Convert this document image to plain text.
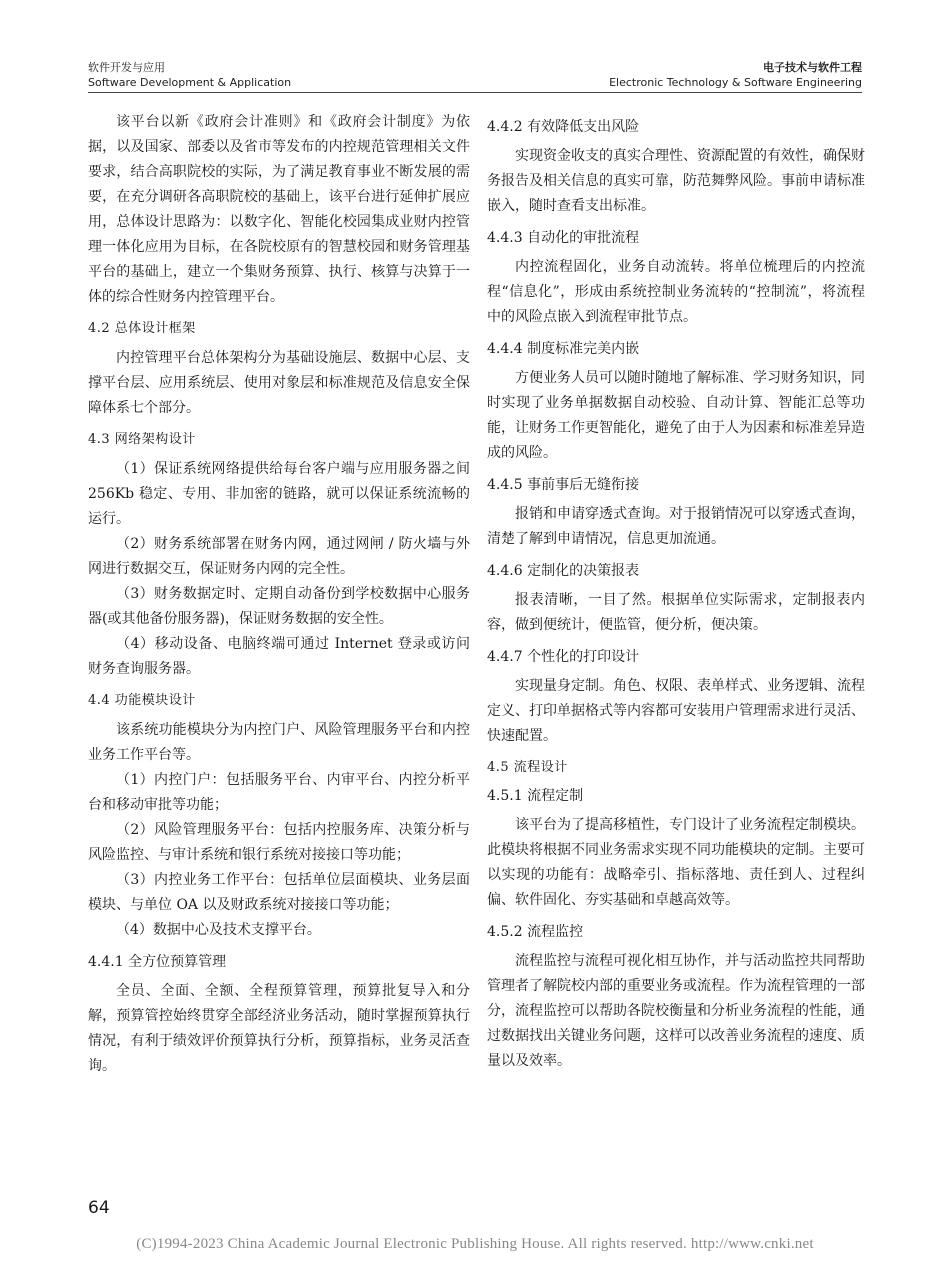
软件开发与应用
Software Development & Application
电子技术与软件工程
Electronic Technology & Software Engineering

该平台以新《政府会计准则》和《政府会计制度》为依据，以及国家、部委以及省市等发布的内控规范管理相关文件要求，结合高职院校的实际，为了满足教育事业不断发展的需要，在充分调研各高职院校的基础上，该平台进行延伸扩展应用，总体设计思路为：以数字化、智能化校园集成业财内控管理一体化应用为目标，在各院校原有的智慧校园和财务管理基平台的基础上，建立一个集财务预算、执行、核算与决算于一体的综合性财务内控管理平台。

4.2 总体设计框架

内控管理平台总体架构分为基础设施层、数据中心层、支撑平台层、应用系统层、使用对象层和标准规范及信息安全保障体系七个部分。

4.3 网络架构设计

（1）保证系统网络提供给每台客户端与应用服务器之间 256Kb 稳定、专用、非加密的链路，就可以保证系统流畅的运行。

（2）财务系统部署在财务内网，通过网闸 / 防火墙与外网进行数据交互，保证财务内网的完全性。

（3）财务数据定时、定期自动备份到学校数据中心服务器(或其他备份服务器)，保证财务数据的安全性。

（4）移动设备、电脑终端可通过 Internet 登录或访问财务查询服务器。

4.4 功能模块设计

该系统功能模块分为内控门户、风险管理服务平台和内控业务工作平台等。

（1）内控门户：包括服务平台、内审平台、内控分析平台和移动审批等功能；

（2）风险管理服务平台：包括内控服务库、决策分析与风险监控、与审计系统和银行系统对接接口等功能；

（3）内控业务工作平台：包括单位层面模块、业务层面模块、与单位 OA 以及财政系统对接接口等功能；

（4）数据中心及技术支撑平台。

4.4.1 全方位预算管理

全员、全面、全额、全程预算管理，预算批复导入和分解，预算管控始终贯穿全部经济业务活动，随时掌握预算执行情况，有利于绩效评价预算执行分析，预算指标，业务灵活查询。

4.4.2 有效降低支出风险

实现资金收支的真实合理性、资源配置的有效性，确保财务报告及相关信息的真实可靠，防范舞弊风险。事前申请标准嵌入，随时查看支出标准。

4.4.3 自动化的审批流程

内控流程固化，业务自动流转。将单位梳理后的内控流程“信息化”，形成由系统控制业务流转的“控制流”，将流程中的风险点嵌入到流程审批节点。

4.4.4 制度标准完美内嵌

方便业务人员可以随时随地了解标准、学习财务知识，同时实现了业务单据数据自动校验、自动计算、智能汇总等功能，让财务工作更智能化，避免了由于人为因素和标准差异造成的风险。

4.4.5 事前事后无缝衔接

报销和申请穿透式查询。对于报销情况可以穿透式查询，清楚了解到申请情况，信息更加流通。

4.4.6 定制化的决策报表

报表清晰，一目了然。根据单位实际需求，定制报表内容，做到便统计，便监管，便分析，便决策。

4.4.7 个性化的打印设计

实现量身定制。角色、权限、表单样式、业务逻辑、流程定义、打印单据格式等内容都可安装用户管理需求进行灵活、快速配置。

4.5 流程设计
4.5.1 流程定制

该平台为了提高移植性，专门设计了业务流程定制模块。此模块将根据不同业务需求实现不同功能模块的定制。主要可以实现的功能有：战略牵引、指标落地、责任到人、过程纠偏、软件固化、夯实基础和卓越高效等。

4.5.2 流程监控

流程监控与流程可视化相互协作，并与活动监控共同帮助管理者了解院校内部的重要业务或流程。作为流程管理的一部分，流程监控可以帮助各院校衡量和分析业务流程的性能，通过数据找出关键业务问题，这样可以改善业务流程的速度、质量以及效率。

64
(C)1994-2023 China Academic Journal Electronic Publishing House. All rights reserved. http://www.cnki.net
